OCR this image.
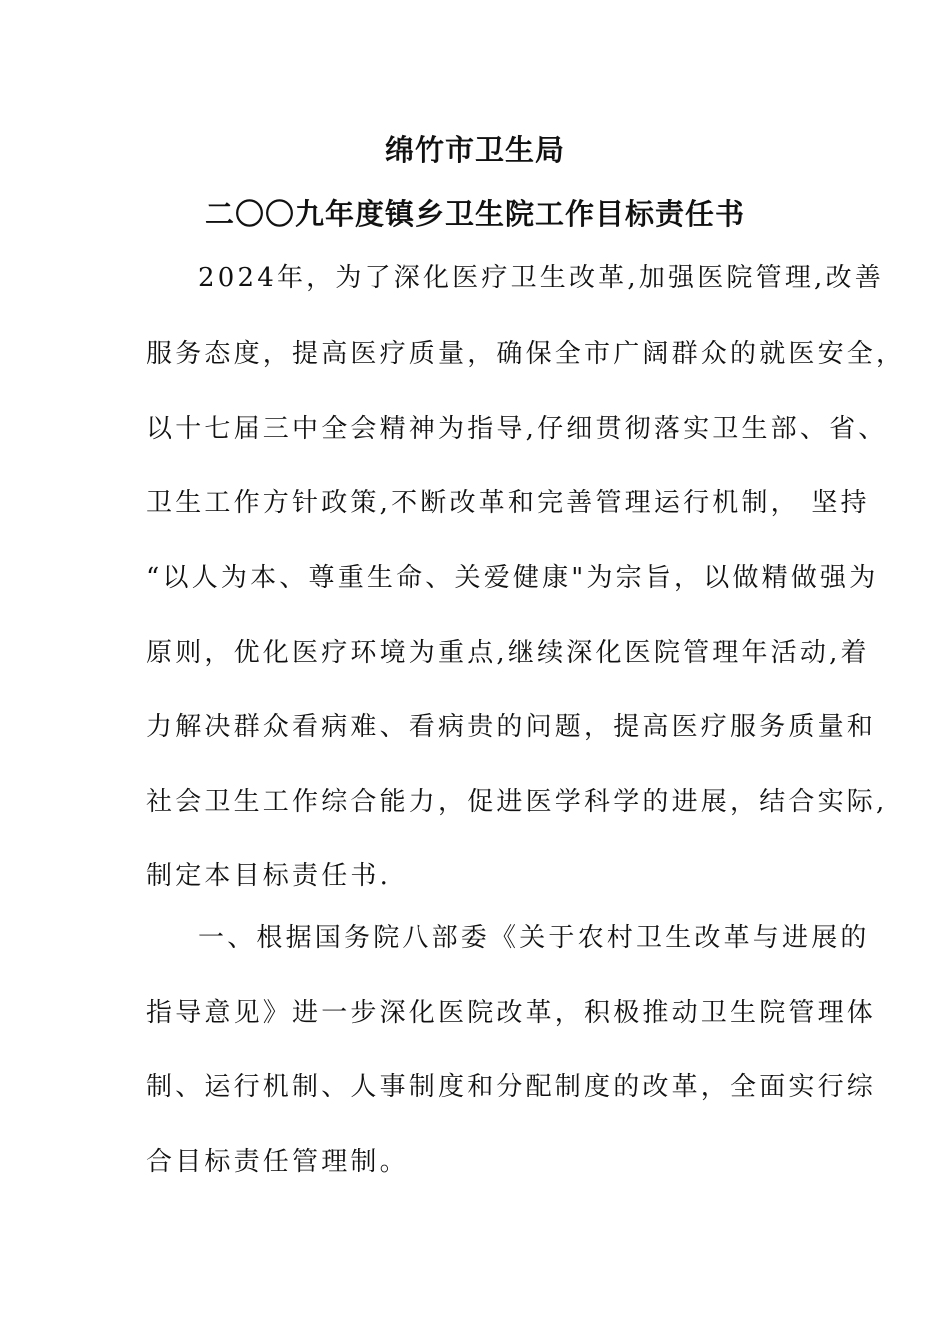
绵竹市卫生局
二〇〇九年度镇乡卫生院工作目标责任书

2024年，为了深化医疗卫生改革,加强医院管理,改善

服务态度，提高医疗质量，确保全市广阔群众的就医安全，

以十七届三中全会精神为指导,仔细贯彻落实卫生部、省、

卫生工作方针政策,不断改革和完善管理运行机制， 坚持

“以人为本、尊重生命、关爱健康"为宗旨，以做精做强为

原则，优化医疗环境为重点,继续深化医院管理年活动,着

力解决群众看病难、看病贵的问题，提高医疗服务质量和

社会卫生工作综合能力，促进医学科学的进展，结合实际,

制定本目标责任书.

一、根据国务院八部委《关于农村卫生改革与进展的

指导意见》进一步深化医院改革，积极推动卫生院管理体

制、运行机制、人事制度和分配制度的改革，全面实行综

合目标责任管理制。
